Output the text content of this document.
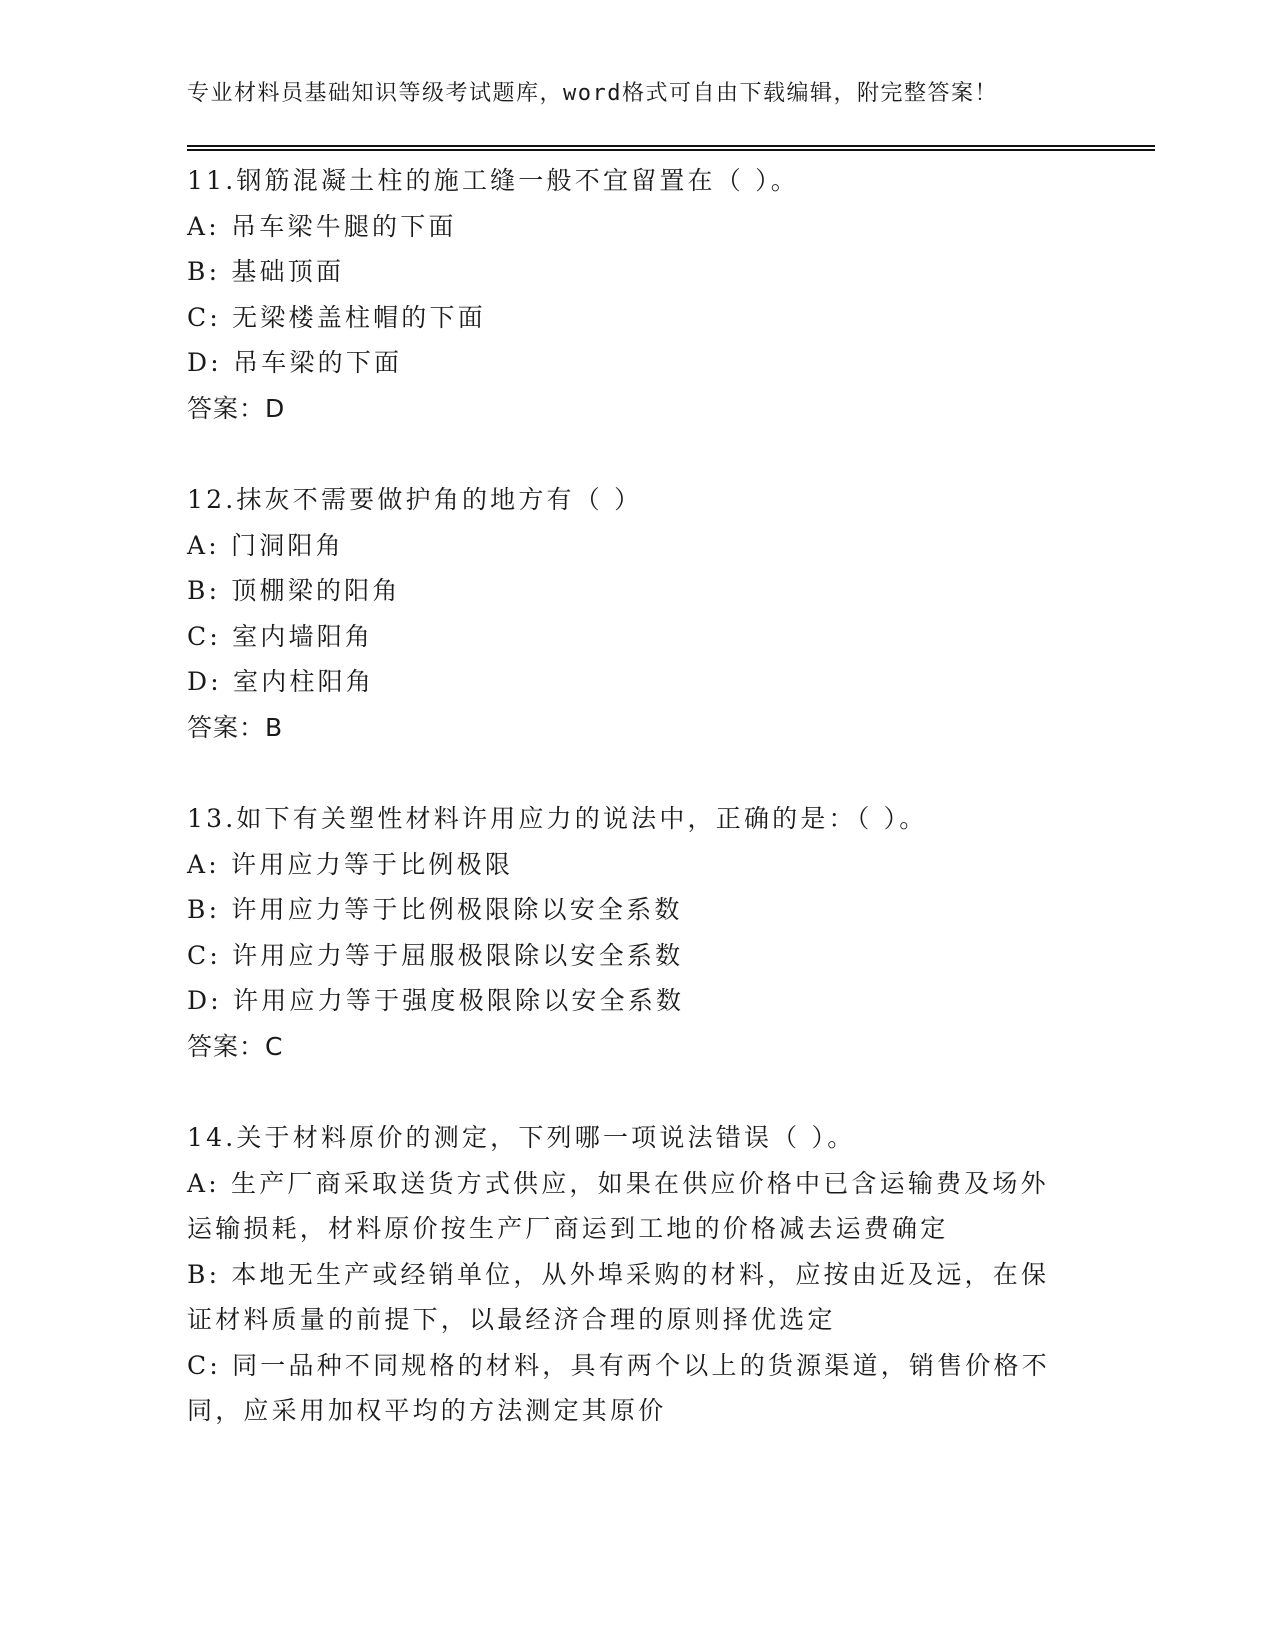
专业材料员基础知识等级考试题库，word格式可自由下载编辑，附完整答案！
11.钢筋混凝土柱的施工缝一般不宜留置在（ ）。
A: 吊车梁牛腿的下面
B: 基础顶面
C: 无梁楼盖柱帽的下面
D: 吊车梁的下面
答案：D
12.抹灰不需要做护角的地方有（ ）
A: 门洞阳角
B: 顶棚梁的阳角
C: 室内墙阳角
D: 室内柱阳角
答案：B
13.如下有关塑性材料许用应力的说法中，正确的是：（ ）。
A: 许用应力等于比例极限
B: 许用应力等于比例极限除以安全系数
C: 许用应力等于屈服极限除以安全系数
D: 许用应力等于强度极限除以安全系数
答案：C
14.关于材料原价的测定，下列哪一项说法错误（ ）。
A: 生产厂商采取送货方式供应，如果在供应价格中已含运输费及场外运输损耗，材料原价按生产厂商运到工地的价格减去运费确定
B: 本地无生产或经销单位，从外埠采购的材料，应按由近及远，在保证材料质量的前提下，以最经济合理的原则择优选定
C: 同一品种不同规格的材料，具有两个以上的货源渠道，销售价格不同，应采用加权平均的方法测定其原价
